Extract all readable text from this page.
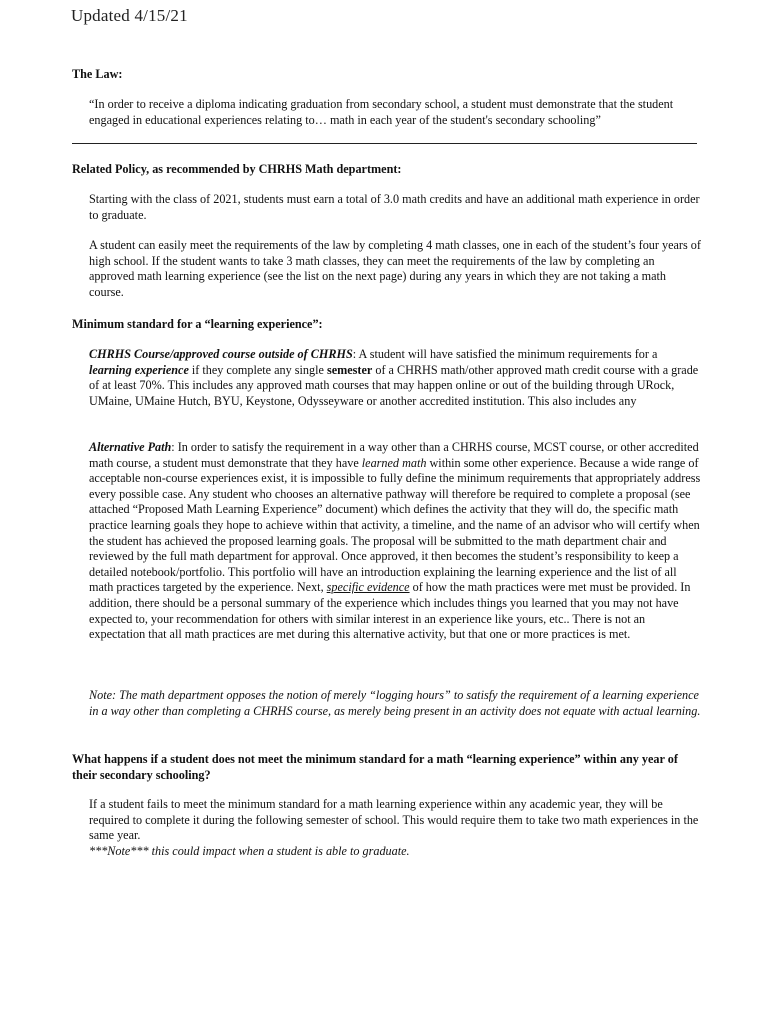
Updated 4/15/21
The Law:

“In order to receive a diploma indicating graduation from secondary school, a student must demonstrate that the student engaged in educational experiences relating to… math in each year of the student's secondary schooling”

Related Policy, as recommended by CHRHS Math department:

Starting with the class of 2021, students must earn a total of 3.0 math credits and have an additional math experience in order to graduate.

A student can easily meet the requirements of the law by completing 4 math classes, one in each of the student’s four years of high school. If the student wants to take 3 math classes, they can meet the requirements of the law by completing an approved math learning experience (see the list on the next page) during any years in which they are not taking a math course.

Minimum standard for a “learning experience”:

CHRHS Course/approved course outside of CHRHS: A student will have satisfied the minimum requirements for a learning experience if they complete any single semester of a CHRHS math/other approved math credit course with a grade of at least 70%. This includes any approved math courses that may happen online or out of the building through URock, UMaine, UMaine Hutch, BYU, Keystone, Odysseyware or another accredited institution. This also includes any

Alternative Path: In order to satisfy the requirement in a way other than a CHRHS course, MCST course, or other accredited math course, a student must demonstrate that they have learned math within some other experience. Because a wide range of acceptable non-course experiences exist, it is impossible to fully define the minimum requirements that appropriately address every possible case. Any student who chooses an alternative pathway will therefore be required to complete a proposal (see attached “Proposed Math Learning Experience” document) which defines the activity that they will do, the specific math practice learning goals they hope to achieve within that activity, a timeline, and the name of an advisor who will certify when the student has achieved the proposed learning goals. The proposal will be submitted to the math department chair and reviewed by the full math department for approval. Once approved, it then becomes the student’s responsibility to keep a detailed notebook/portfolio. This portfolio will have an introduction explaining the learning experience and the list of all math practices targeted by the experience. Next, specific evidence of how the math practices were met must be provided. In addition, there should be a personal summary of the experience which includes things you learned that you may not have expected to, your recommendation for others with similar interest in an experience like yours, etc.. There is not an expectation that all math practices are met during this alternative activity, but that one or more practices is met.

Note: The math department opposes the notion of merely “logging hours” to satisfy the requirement of a learning experience in a way other than completing a CHRHS course, as merely being present in an activity does not equate with actual learning.

What happens if a student does not meet the minimum standard for a math “learning experience” within any year of their secondary schooling?

If a student fails to meet the minimum standard for a math learning experience within any academic year, they will be required to complete it during the following semester of school. This would require them to take two math experiences in the same year.

***Note*** this could impact when a student is able to graduate.
